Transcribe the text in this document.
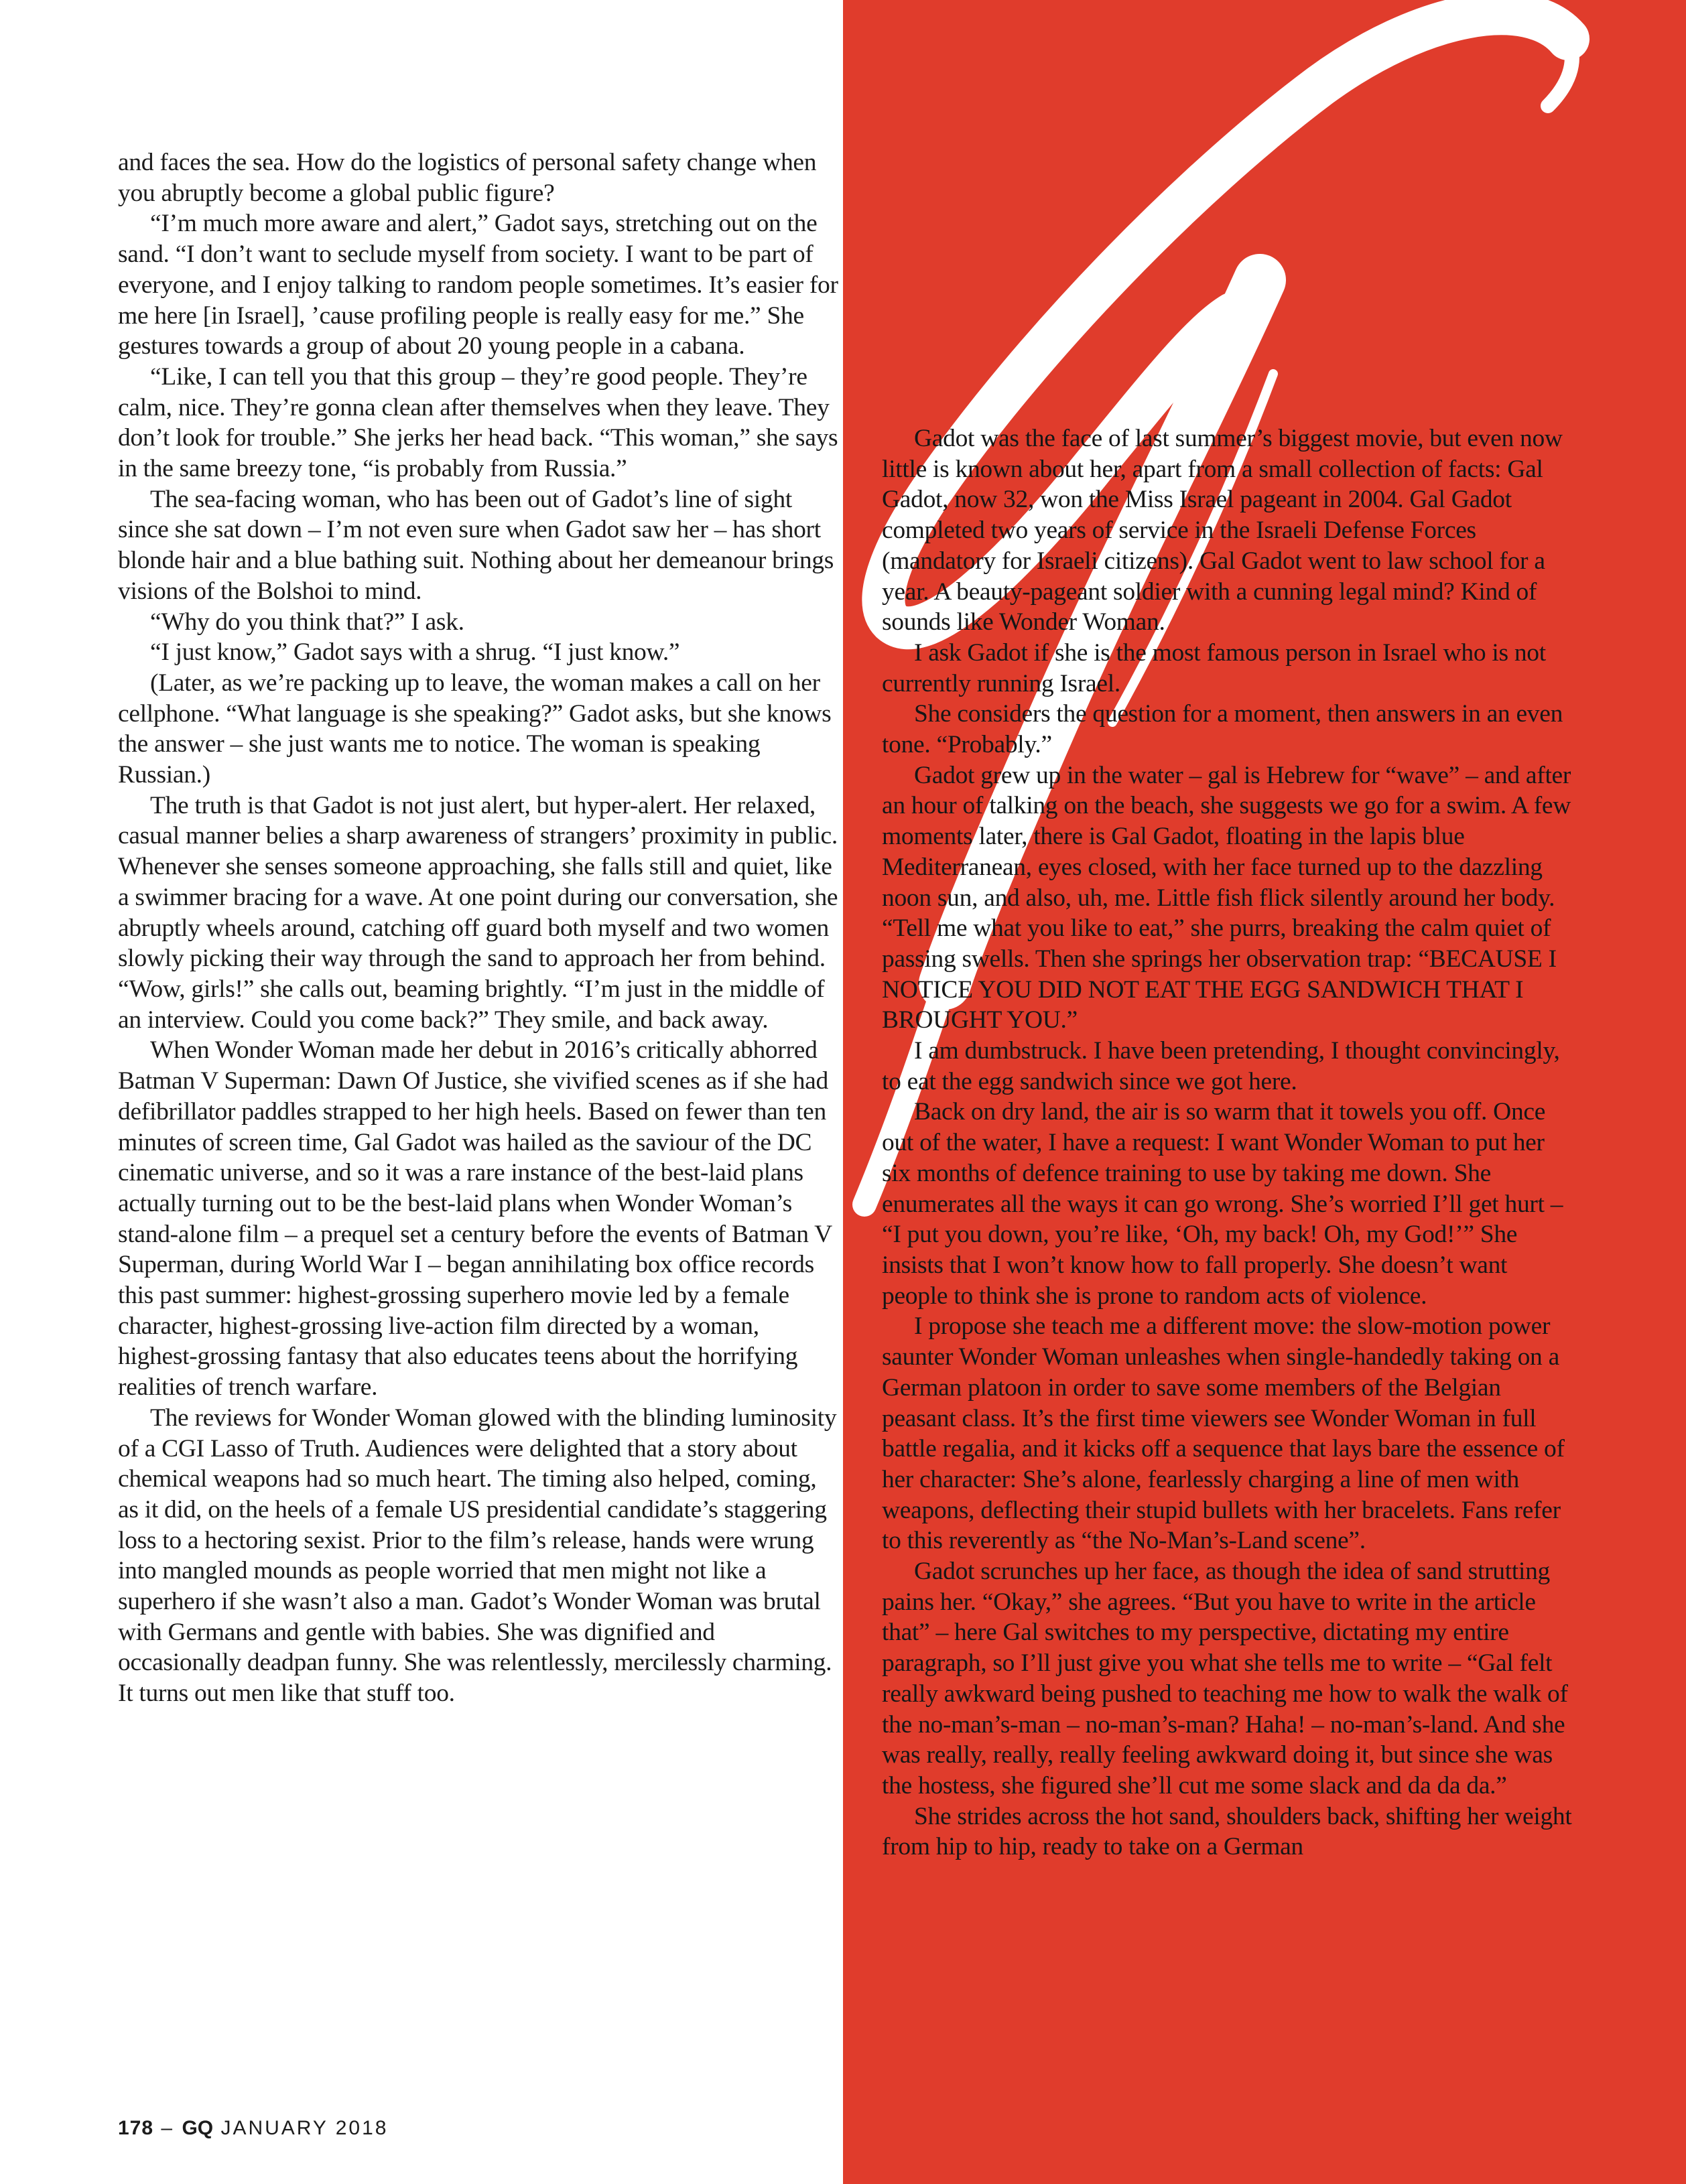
and faces the sea. How do the logistics of personal safety change when you abruptly become a global public figure?

“I’m much more aware and alert,” Gadot says, stretching out on the sand. “I don’t want to seclude myself from society. I want to be part of everyone, and I enjoy talking to random people sometimes. It’s easier for me here [in Israel], ’cause profiling people is really easy for me.” She gestures towards a group of about 20 young people in a cabana.

“Like, I can tell you that this group – they’re good people. They’re calm, nice. They’re gonna clean after themselves when they leave. They don’t look for trouble.” She jerks her head back. “This woman,” she says in the same breezy tone, “is probably from Russia.”

The sea-facing woman, who has been out of Gadot’s line of sight since she sat down – I’m not even sure when Gadot saw her – has short blonde hair and a blue bathing suit. Nothing about her demeanour brings visions of the Bolshoi to mind.

“Why do you think that?” I ask.

“I just know,” Gadot says with a shrug. “I just know.”

(Later, as we’re packing up to leave, the woman makes a call on her cellphone. “What language is she speaking?” Gadot asks, but she knows the answer – she just wants me to notice. The woman is speaking Russian.)

The truth is that Gadot is not just alert, but hyper-alert. Her relaxed, casual manner belies a sharp awareness of strangers’ proximity in public. Whenever she senses someone approaching, she falls still and quiet, like a swimmer bracing for a wave. At one point during our conversation, she abruptly wheels around, catching off guard both myself and two women slowly picking their way through the sand to approach her from behind. “Wow, girls!” she calls out, beaming brightly. “I’m just in the middle of an interview. Could you come back?” They smile, and back away.

When Wonder Woman made her debut in 2016’s critically abhorred Batman V Superman: Dawn Of Justice, she vivified scenes as if she had defibrillator paddles strapped to her high heels. Based on fewer than ten minutes of screen time, Gal Gadot was hailed as the saviour of the DC cinematic universe, and so it was a rare instance of the best-laid plans actually turning out to be the best-laid plans when Wonder Woman’s stand-alone film – a prequel set a century before the events of Batman V Superman, during World War I – began annihilating box office records this past summer: highest-grossing superhero movie led by a female character, highest-grossing live-action film directed by a woman, highest-grossing fantasy that also educates teens about the horrifying realities of trench warfare.

The reviews for Wonder Woman glowed with the blinding luminosity of a CGI Lasso of Truth. Audiences were delighted that a story about chemical weapons had so much heart. The timing also helped, coming, as it did, on the heels of a female US presidential candidate’s staggering loss to a hectoring sexist. Prior to the film’s release, hands were wrung into mangled mounds as people worried that men might not like a superhero if she wasn’t also a man. Gadot’s Wonder Woman was brutal with Germans and gentle with babies. She was dignified and occasionally deadpan funny. She was relentlessly, mercilessly charming. It turns out men like that stuff too.

Gadot was the face of last summer’s biggest movie, but even now little is known about her, apart from a small collection of facts: Gal Gadot, now 32, won the Miss Israel pageant in 2004. Gal Gadot completed two years of service in the Israeli Defense Forces (mandatory for Israeli citizens). Gal Gadot went to law school for a year. A beauty-pageant soldier with a cunning legal mind? Kind of sounds like Wonder Woman.

I ask Gadot if she is the most famous person in Israel who is not currently running Israel.

She considers the question for a moment, then answers in an even tone. “Probably.”

Gadot grew up in the water – gal is Hebrew for “wave” – and after an hour of talking on the beach, she suggests we go for a swim. A few moments later, there is Gal Gadot, floating in the lapis blue Mediterranean, eyes closed, with her face turned up to the dazzling noon sun, and also, uh, me. Little fish flick silently around her body. “Tell me what you like to eat,” she purrs, breaking the calm quiet of passing swells. Then she springs her observation trap: “BECAUSE I NOTICE YOU DID NOT EAT THE EGG SANDWICH THAT I BROUGHT YOU.”

I am dumbstruck. I have been pretending, I thought convincingly, to eat the egg sandwich since we got here.

Back on dry land, the air is so warm that it towels you off. Once out of the water, I have a request: I want Wonder Woman to put her six months of defence training to use by taking me down. She enumerates all the ways it can go wrong. She’s worried I’ll get hurt – “I put you down, you’re like, ‘Oh, my back! Oh, my God!’” She insists that I won’t know how to fall properly. She doesn’t want people to think she is prone to random acts of violence.

I propose she teach me a different move: the slow-motion power saunter Wonder Woman unleashes when single-handedly taking on a German platoon in order to save some members of the Belgian peasant class. It’s the first time viewers see Wonder Woman in full battle regalia, and it kicks off a sequence that lays bare the essence of her character: She’s alone, fearlessly charging a line of men with weapons, deflecting their stupid bullets with her bracelets. Fans refer to this reverently as “the No-Man’s-Land scene”.

Gadot scrunches up her face, as though the idea of sand strutting pains her. “Okay,” she agrees. “But you have to write in the article that” – here Gal switches to my perspective, dictating my entire paragraph, so I’ll just give you what she tells me to write – “Gal felt really awkward being pushed to teaching me how to walk the walk of the no-man’s-man – no-man’s-man? Haha! – no-man’s-land. And she was really, really, really feeling awkward doing it, but since she was the hostess, she figured she’ll cut me some slack and da da da.”

She strides across the hot sand, shoulders back, shifting her weight from hip to hip, ready to take on a German

178 – GQ JANUARY 2018
